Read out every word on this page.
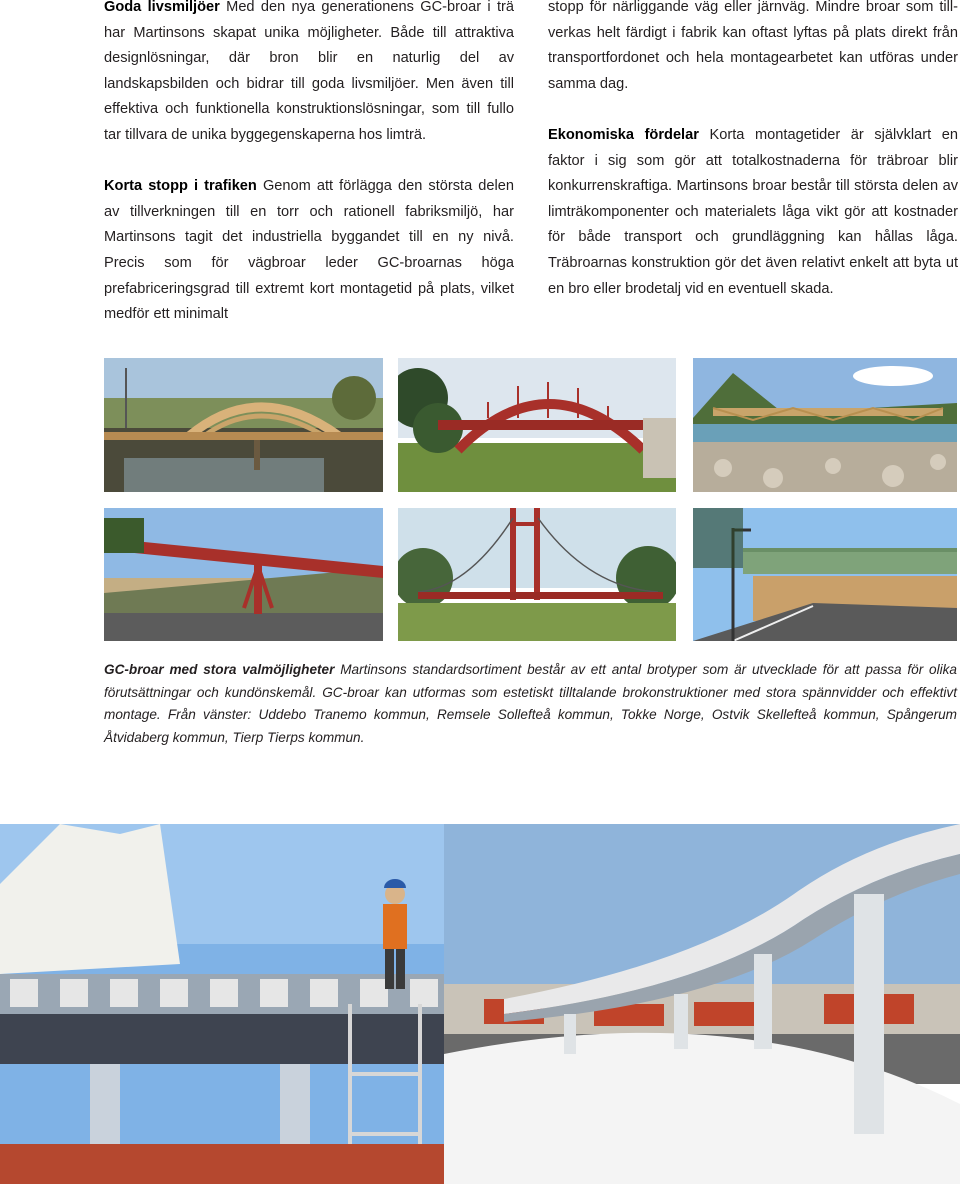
Goda livsmiljöer Med den nya generationens GC-broar i trä har Martinsons skapat unika möjligheter. Både till attraktiva designlösningar, där bron blir en naturlig del av landskapsbilden och bidrar till goda livsmiljöer. Men även till effektiva och funktionella konstruktionslösningar, som till fullo tar tillvara de unika byggegenskaperna hos limträ.

Korta stopp i trafiken Genom att förlägga den största delen av tillverkningen till en torr och rationell fabriksmiljö, har Martinsons tagit det industriella byggandet till en ny nivå. Precis som för vägbroar leder GC-broarnas höga prefabriceringsgrad till extremt kort montagetid på plats, vilket medför ett minimalt

stopp för närliggande väg eller järnväg. Mindre broar som till-verkas helt färdigt i fabrik kan oftast lyftas på plats direkt från transportfordonet och hela montagearbetet kan utföras under samma dag.

Ekonomiska fördelar Korta montagetider är självklart en faktor i sig som gör att totalkostnaderna för träbroar blir konkurrenskraftiga. Martinsons broar består till största delen av limträkomponenter och materialets låga vikt gör att kostnader för både transport och grundläggning kan hållas låga. Träbroarnas konstruktion gör det även relativt enkelt att byta ut en bro eller brodetalj vid en eventuell skada.

GC-broar med stora valmöjligheter Martinsons standardsortiment består av ett antal brotyper som är utvecklade för att passa för olika förutsättningar och kundönskemål. GC-broar kan utformas som estetiskt tilltalande brokonstruktioner med stora spännvidder och effektivt montage. Från vänster: Uddebo Tranemo kommun, Remsele Sollefteå kommun, Tokke Norge, Ostvik Skellefteå kommun, Spångerum Åtvidaberg kommun, Tierp Tierps kommun.
